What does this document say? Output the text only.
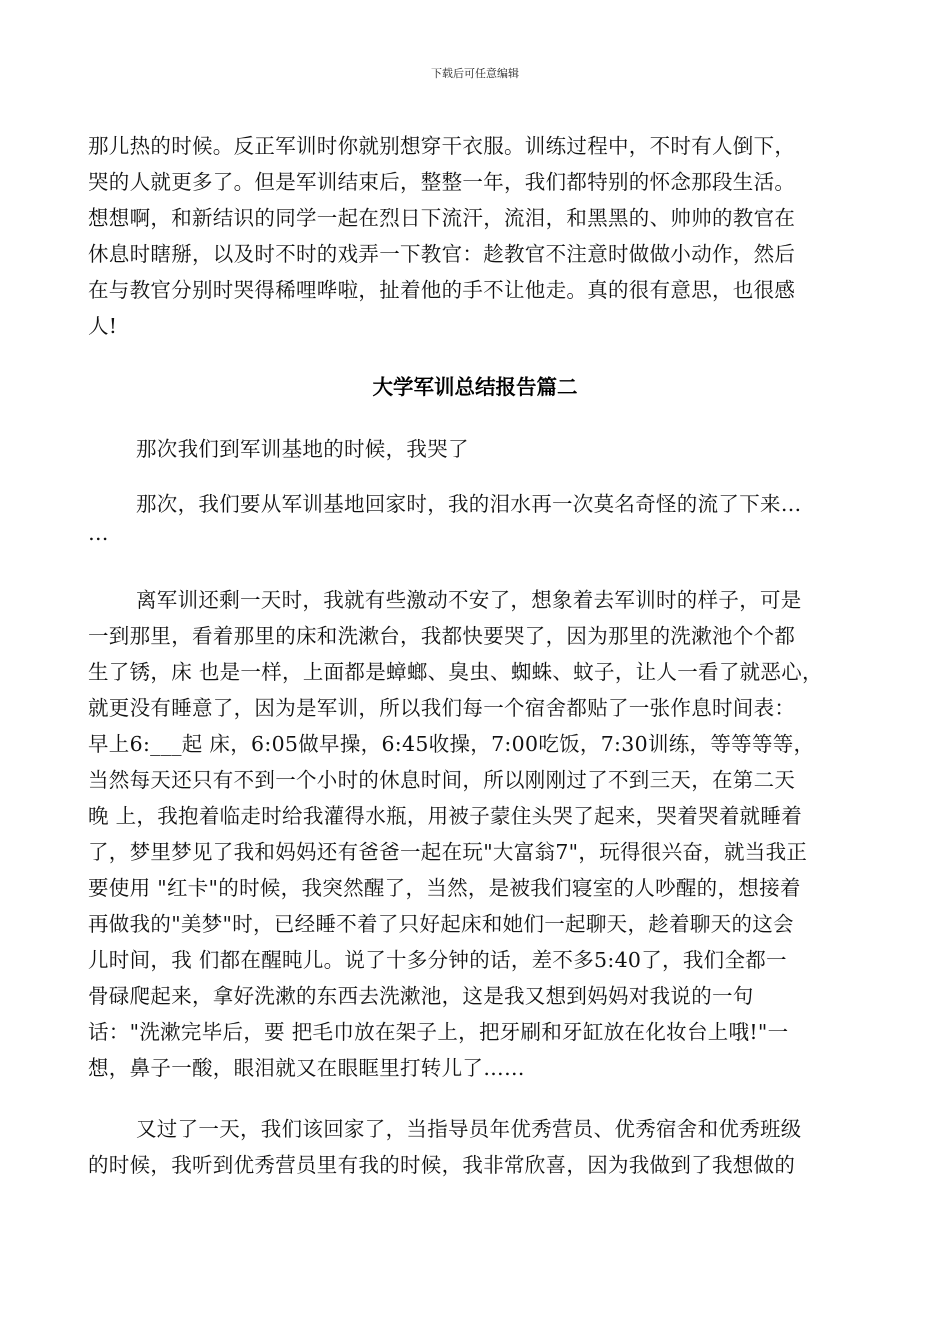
下载后可任意编辑
那儿热的时候。反正军训时你就别想穿干衣服。训练过程中，不时有人倒下，
哭的人就更多了。但是军训结束后，整整一年，我们都特别的怀念那段生活。
想想啊，和新结识的同学一起在烈日下流汗，流泪，和黑黑的、帅帅的教官在
休息时瞎掰，以及时不时的戏弄一下教官：趁教官不注意时做做小动作，然后
在与教官分别时哭得稀哩哗啦，扯着他的手不让他走。真的很有意思，也很感
人!
大学军训总结报告篇二
那次我们到军训基地的时候，我哭了
那次，我们要从军训基地回家时，我的泪水再一次莫名奇怪的流了下来…
…
离军训还剩一天时，我就有些激动不安了，想象着去军训时的样子，可是
一到那里，看着那里的床和洗漱台，我都快要哭了，因为那里的洗漱池个个都
生了锈，床 也是一样，上面都是蟑螂、臭虫、蜘蛛、蚊子，让人一看了就恶心，
就更没有睡意了，因为是军训，所以我们每一个宿舍都贴了一张作息时间表：
早上6:___起 床，6:05做早操，6:45收操，7:00吃饭，7:30训练，等等等等，
当然每天还只有不到一个小时的休息时间，所以刚刚过了不到三天，在第二天
晚 上，我抱着临走时给我灌得水瓶，用被子蒙住头哭了起来，哭着哭着就睡着
了，梦里梦见了我和妈妈还有爸爸一起在玩"大富翁7"，玩得很兴奋，就当我正
要使用 "红卡"的时候，我突然醒了，当然，是被我们寝室的人吵醒的，想接着
再做我的"美梦"时，已经睡不着了只好起床和她们一起聊天，趁着聊天的这会
儿时间，我 们都在醒盹儿。说了十多分钟的话，差不多5:40了，我们全都一
骨碌爬起来，拿好洗漱的东西去洗漱池，这是我又想到妈妈对我说的一句
话："洗漱完毕后，要 把毛巾放在架子上，把牙刷和牙缸放在化妆台上哦!"一
想，鼻子一酸，眼泪就又在眼眶里打转儿了……
又过了一天，我们该回家了，当指导员年优秀营员、优秀宿舍和优秀班级
的时候，我听到优秀营员里有我的时候，我非常欣喜，因为我做到了我想做的
